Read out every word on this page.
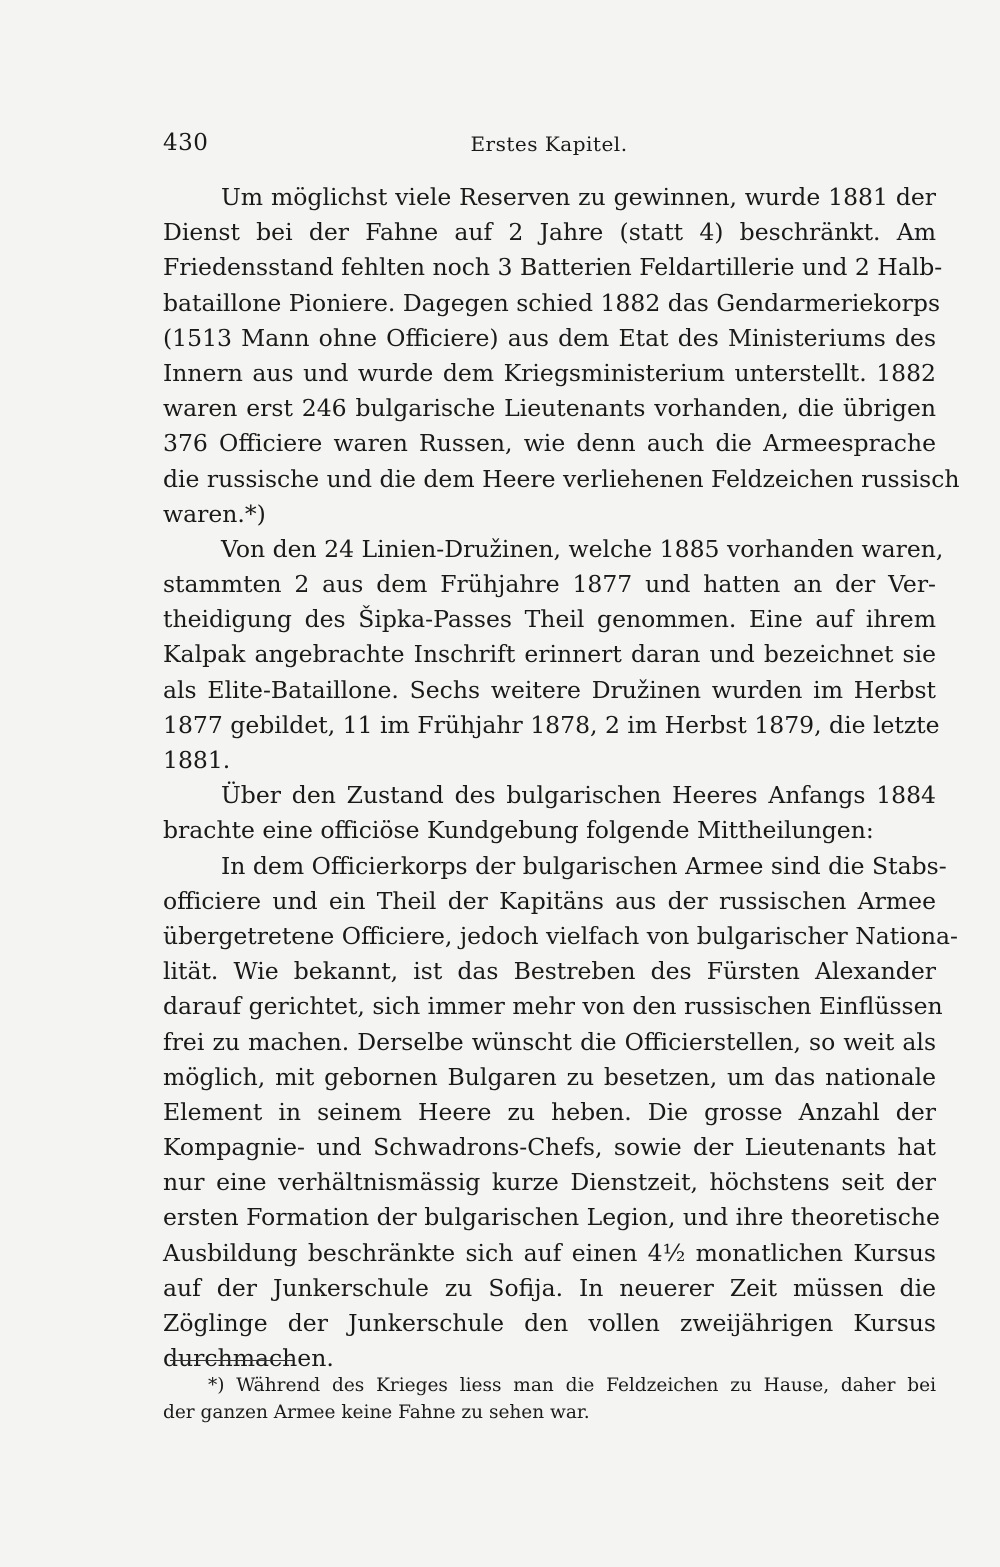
430	Erstes Kapitel.
Um möglichst viele Reserven zu gewinnen, wurde 1881 der
Dienst bei der Fahne auf 2 Jahre (statt 4) beschränkt. Am
Friedensstand fehlten noch 3 Batterien Feldartillerie und 2 Halb-
bataillone Pioniere. Dagegen schied 1882 das Gendarmeriekorps
(1513 Mann ohne Officiere) aus dem Etat des Ministeriums des
Innern aus und wurde dem Kriegsministerium unterstellt. 1882
waren erst 246 bulgarische Lieutenants vorhanden, die übrigen
376 Officiere waren Russen, wie denn auch die Armeesprache
die russische und die dem Heere verliehenen Feldzeichen russisch
waren.*)
Von den 24 Linien-Družinen, welche 1885 vorhanden waren,
stammten 2 aus dem Frühjahre 1877 und hatten an der Ver-
theidigung des Šipka-Passes Theil genommen. Eine auf ihrem
Kalpak angebrachte Inschrift erinnert daran und bezeichnet sie
als Elite-Bataillone. Sechs weitere Družinen wurden im Herbst
1877 gebildet, 11 im Frühjahr 1878, 2 im Herbst 1879, die letzte
1881.
Über den Zustand des bulgarischen Heeres Anfangs 1884
brachte eine officiöse Kundgebung folgende Mittheilungen:
In dem Officierkorps der bulgarischen Armee sind die Stabs-
officiere und ein Theil der Kapitäns aus der russischen Armee
übergetretene Officiere, jedoch vielfach von bulgarischer Nationa-
lität. Wie bekannt, ist das Bestreben des Fürsten Alexander
darauf gerichtet, sich immer mehr von den russischen Einflüssen
frei zu machen. Derselbe wünscht die Officierstellen, so weit als
möglich, mit gebornen Bulgaren zu besetzen, um das nationale
Element in seinem Heere zu heben. Die grosse Anzahl der
Kompagnie- und Schwadrons-Chefs, sowie der Lieutenants hat
nur eine verhältnismässig kurze Dienstzeit, höchstens seit der
ersten Formation der bulgarischen Legion, und ihre theoretische
Ausbildung beschränkte sich auf einen 4½ monatlichen Kursus
auf der Junkerschule zu Sofija. In neuerer Zeit müssen die
Zöglinge der Junkerschule den vollen zweijährigen Kursus
durchmachen.
*) Während des Krieges liess man die Feldzeichen zu Hause, daher bei
der ganzen Armee keine Fahne zu sehen war.
